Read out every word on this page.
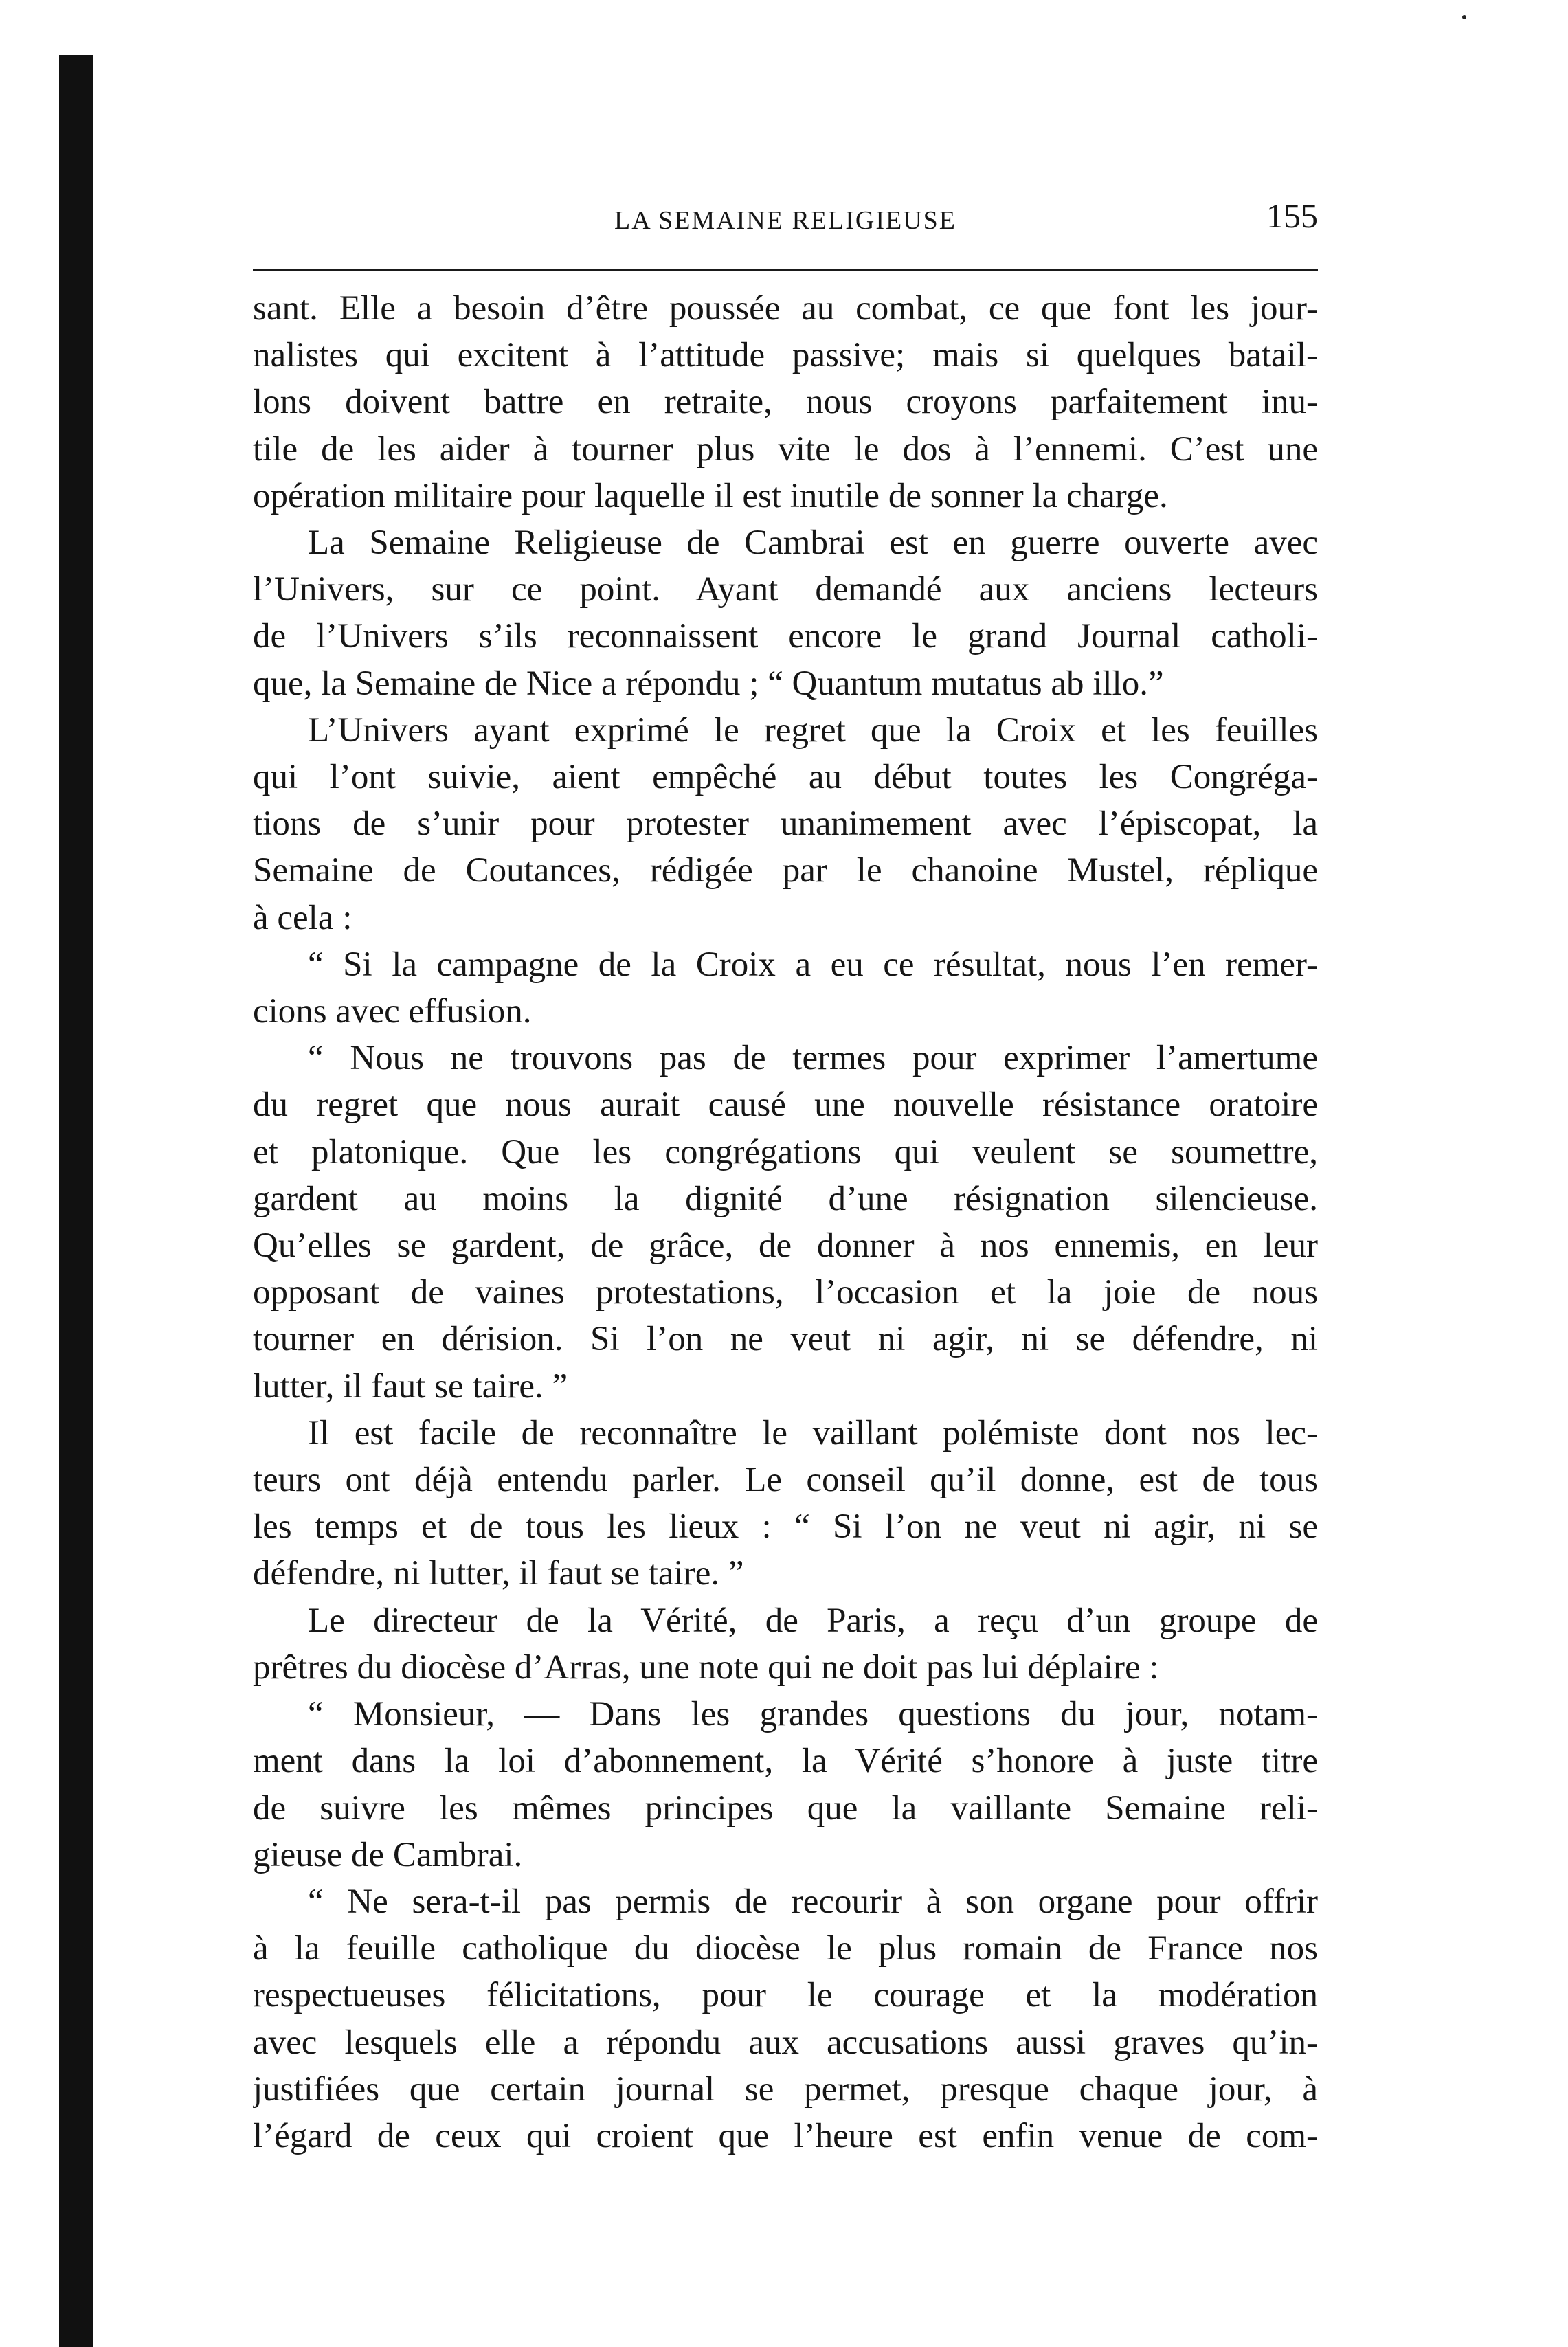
LA SEMAINE RELIGIEUSE	155
sant. Elle a besoin d’être poussée au combat, ce que font les jour-
nalistes qui excitent à l’attitude passive; mais si quelques batail-
lons doivent battre en retraite, nous croyons parfaitement inu-
tile de les aider à tourner plus vite le dos à l’ennemi. C’est une
opération militaire pour laquelle il est inutile de sonner la charge.
La Semaine Religieuse de Cambrai est en guerre ouverte avec
l’Univers, sur ce point. Ayant demandé aux anciens lecteurs
de l’Univers s’ils reconnaissent encore le grand Journal catholi-
que, la Semaine de Nice a répondu ; “ Quantum mutatus ab illo.”
L’Univers ayant exprimé le regret que la Croix et les feuilles
qui l’ont suivie, aient empêché au début toutes les Congréga-
tions de s’unir pour protester unanimement avec l’épiscopat, la
Semaine de Coutances, rédigée par le chanoine Mustel, réplique
à cela :
“ Si la campagne de la Croix a eu ce résultat, nous l’en remer-
cions avec effusion.
“ Nous ne trouvons pas de termes pour exprimer l’amertume
du regret que nous aurait causé une nouvelle résistance oratoire
et platonique. Que les congrégations qui veulent se soumettre,
gardent au moins la dignité d’une résignation silencieuse.
Qu’elles se gardent, de grâce, de donner à nos ennemis, en leur
opposant de vaines protestations, l’occasion et la joie de nous
tourner en dérision. Si l’on ne veut ni agir, ni se défendre, ni
lutter, il faut se taire. ”
Il est facile de reconnaître le vaillant polémiste dont nos lec-
teurs ont déjà entendu parler. Le conseil qu’il donne, est de tous
les temps et de tous les lieux : “ Si l’on ne veut ni agir, ni se
défendre, ni lutter, il faut se taire. ”
Le directeur de la Vérité, de Paris, a reçu d’un groupe de
prêtres du diocèse d’Arras, une note qui ne doit pas lui déplaire :
“ Monsieur, — Dans les grandes questions du jour, notam-
ment dans la loi d’abonnement, la Vérité s’honore à juste titre
de suivre les mêmes principes que la vaillante Semaine reli-
gieuse de Cambrai.
“ Ne sera-t-il pas permis de recourir à son organe pour offrir
à la feuille catholique du diocèse le plus romain de France nos
respectueuses félicitations, pour le courage et la modération
avec lesquels elle a répondu aux accusations aussi graves qu’in-
justifiées que certain journal se permet, presque chaque jour, à
l’égard de ceux qui croient que l’heure est enfin venue de com-
